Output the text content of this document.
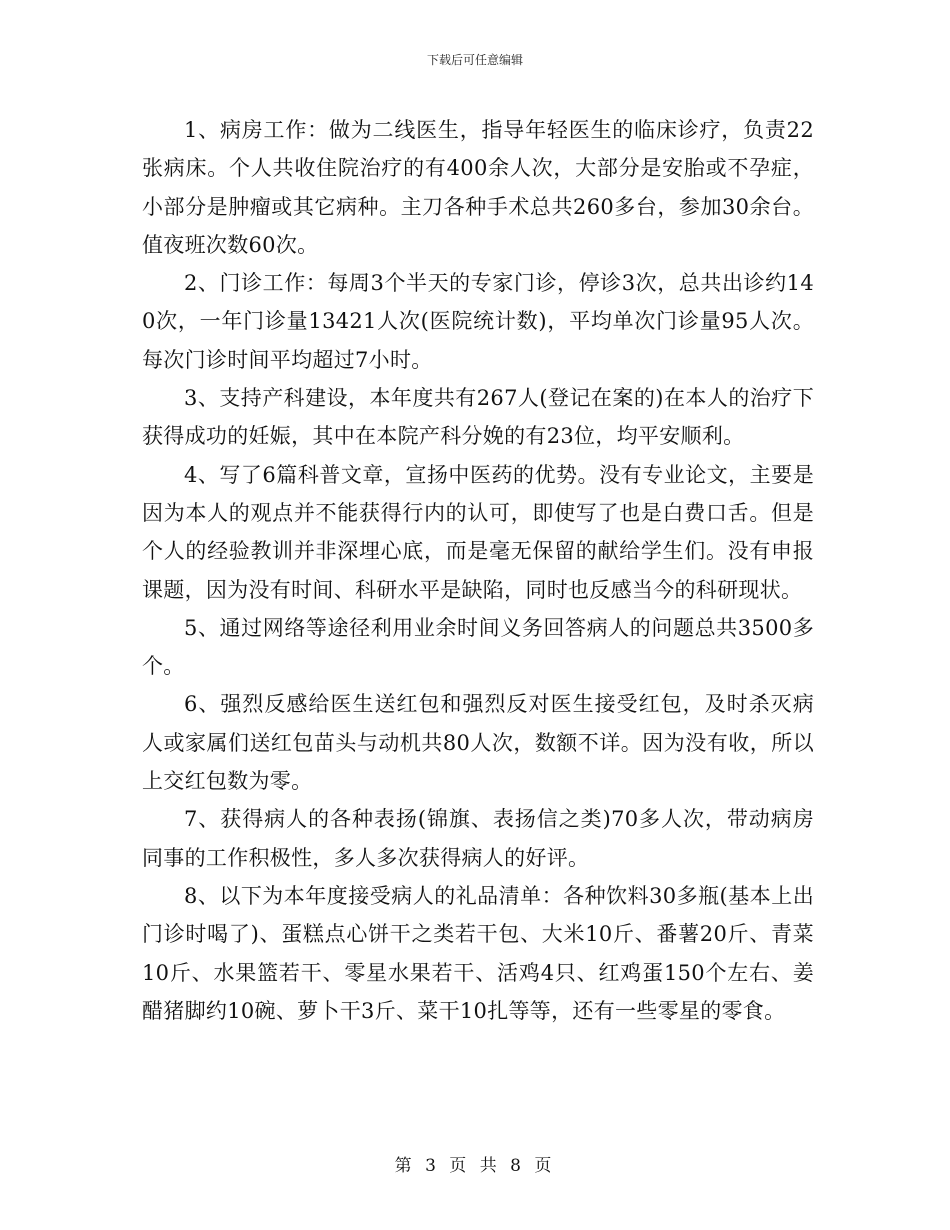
下载后可任意编辑

1、病房工作：做为二线医生，指导年轻医生的临床诊疗，负责22张病床。个人共收住院治疗的有400余人次，大部分是安胎或不孕症，小部分是肿瘤或其它病种。主刀各种手术总共260多台，参加30余台。值夜班次数60次。

2、门诊工作：每周3个半天的专家门诊，停诊3次，总共出诊约140次，一年门诊量13421人次(医院统计数)，平均单次门诊量95人次。每次门诊时间平均超过7小时。

3、支持产科建设，本年度共有267人(登记在案的)在本人的治疗下获得成功的妊娠，其中在本院产科分娩的有23位，均平安顺利。

4、写了6篇科普文章，宣扬中医药的优势。没有专业论文，主要是因为本人的观点并不能获得行内的认可，即使写了也是白费口舌。但是个人的经验教训并非深埋心底，而是毫无保留的献给学生们。没有申报课题，因为没有时间、科研水平是缺陷，同时也反感当今的科研现状。

5、通过网络等途径利用业余时间义务回答病人的问题总共3500多个。

6、强烈反感给医生送红包和强烈反对医生接受红包，及时杀灭病人或家属们送红包苗头与动机共80人次，数额不详。因为没有收，所以上交红包数为零。

7、获得病人的各种表扬(锦旗、表扬信之类)70多人次，带动病房同事的工作积极性，多人多次获得病人的好评。

8、以下为本年度接受病人的礼品清单：各种饮料30多瓶(基本上出门诊时喝了)、蛋糕点心饼干之类若干包、大米10斤、番薯20斤、青菜10斤、水果篮若干、零星水果若干、活鸡4只、红鸡蛋150个左右、姜醋猪脚约10碗、萝卜干3斤、菜干10扎等等，还有一些零星的零食。

第 3 页 共 8 页
